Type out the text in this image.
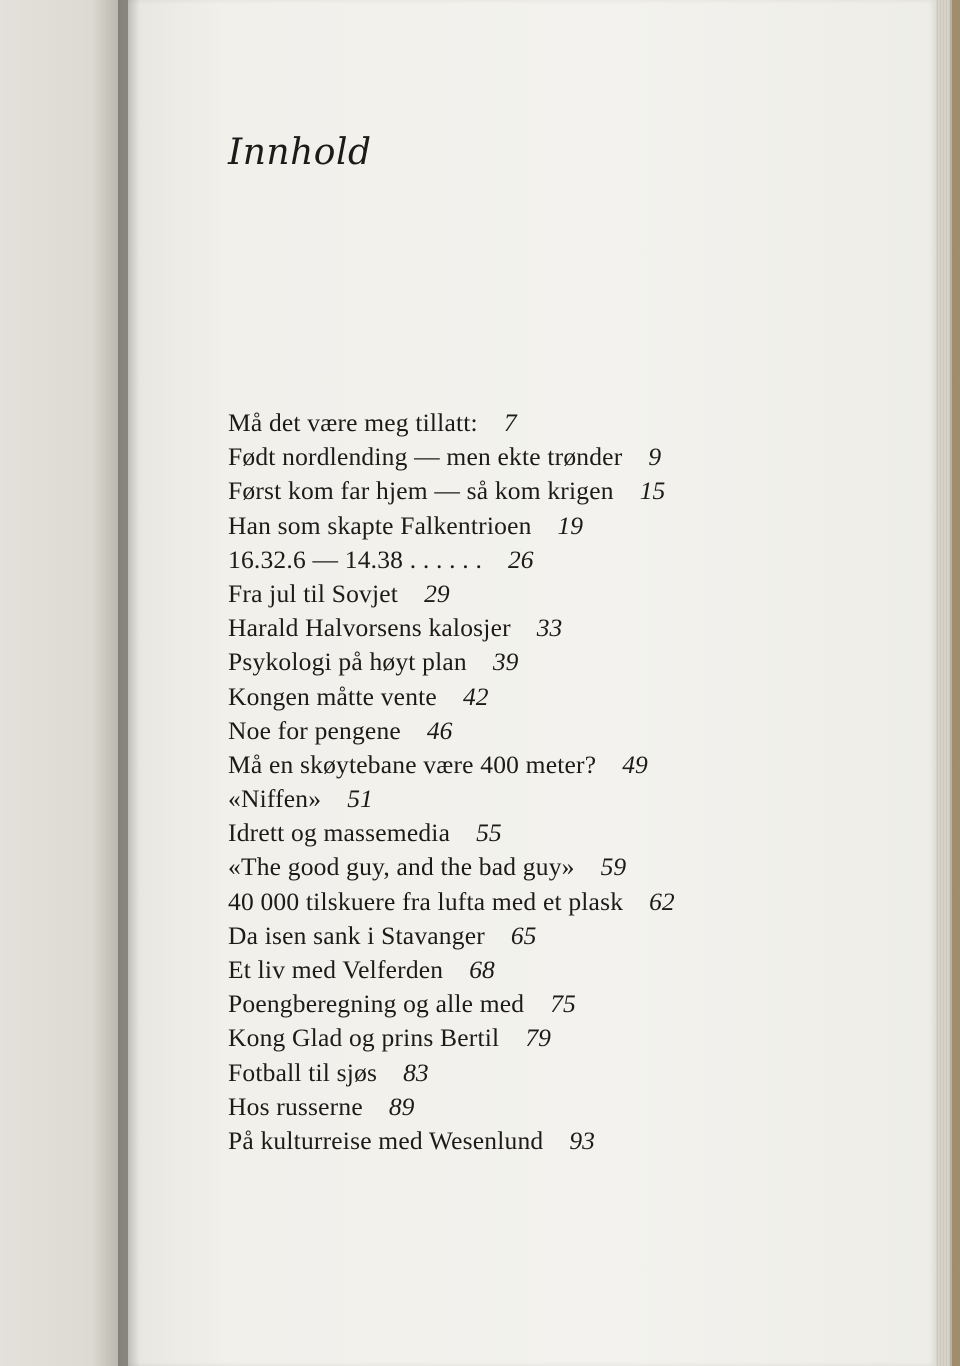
Innhold
Må det være meg tillatt: 7
Født nordlending — men ekte trønder 9
Først kom far hjem — så kom krigen 15
Han som skapte Falkentrioen 19
16.32.6 — 14.38 . . . . . . 26
Fra jul til Sovjet 29
Harald Halvorsens kalosjer 33
Psykologi på høyt plan 39
Kongen måtte vente 42
Noe for pengene 46
Må en skøytebane være 400 meter? 49
«Niffen» 51
Idrett og massemedia 55
«The good guy, and the bad guy» 59
40 000 tilskuere fra lufta med et plask 62
Da isen sank i Stavanger 65
Et liv med Velferden 68
Poengberegning og alle med 75
Kong Glad og prins Bertil 79
Fotball til sjøs 83
Hos russerne 89
På kulturreise med Wesenlund 93
